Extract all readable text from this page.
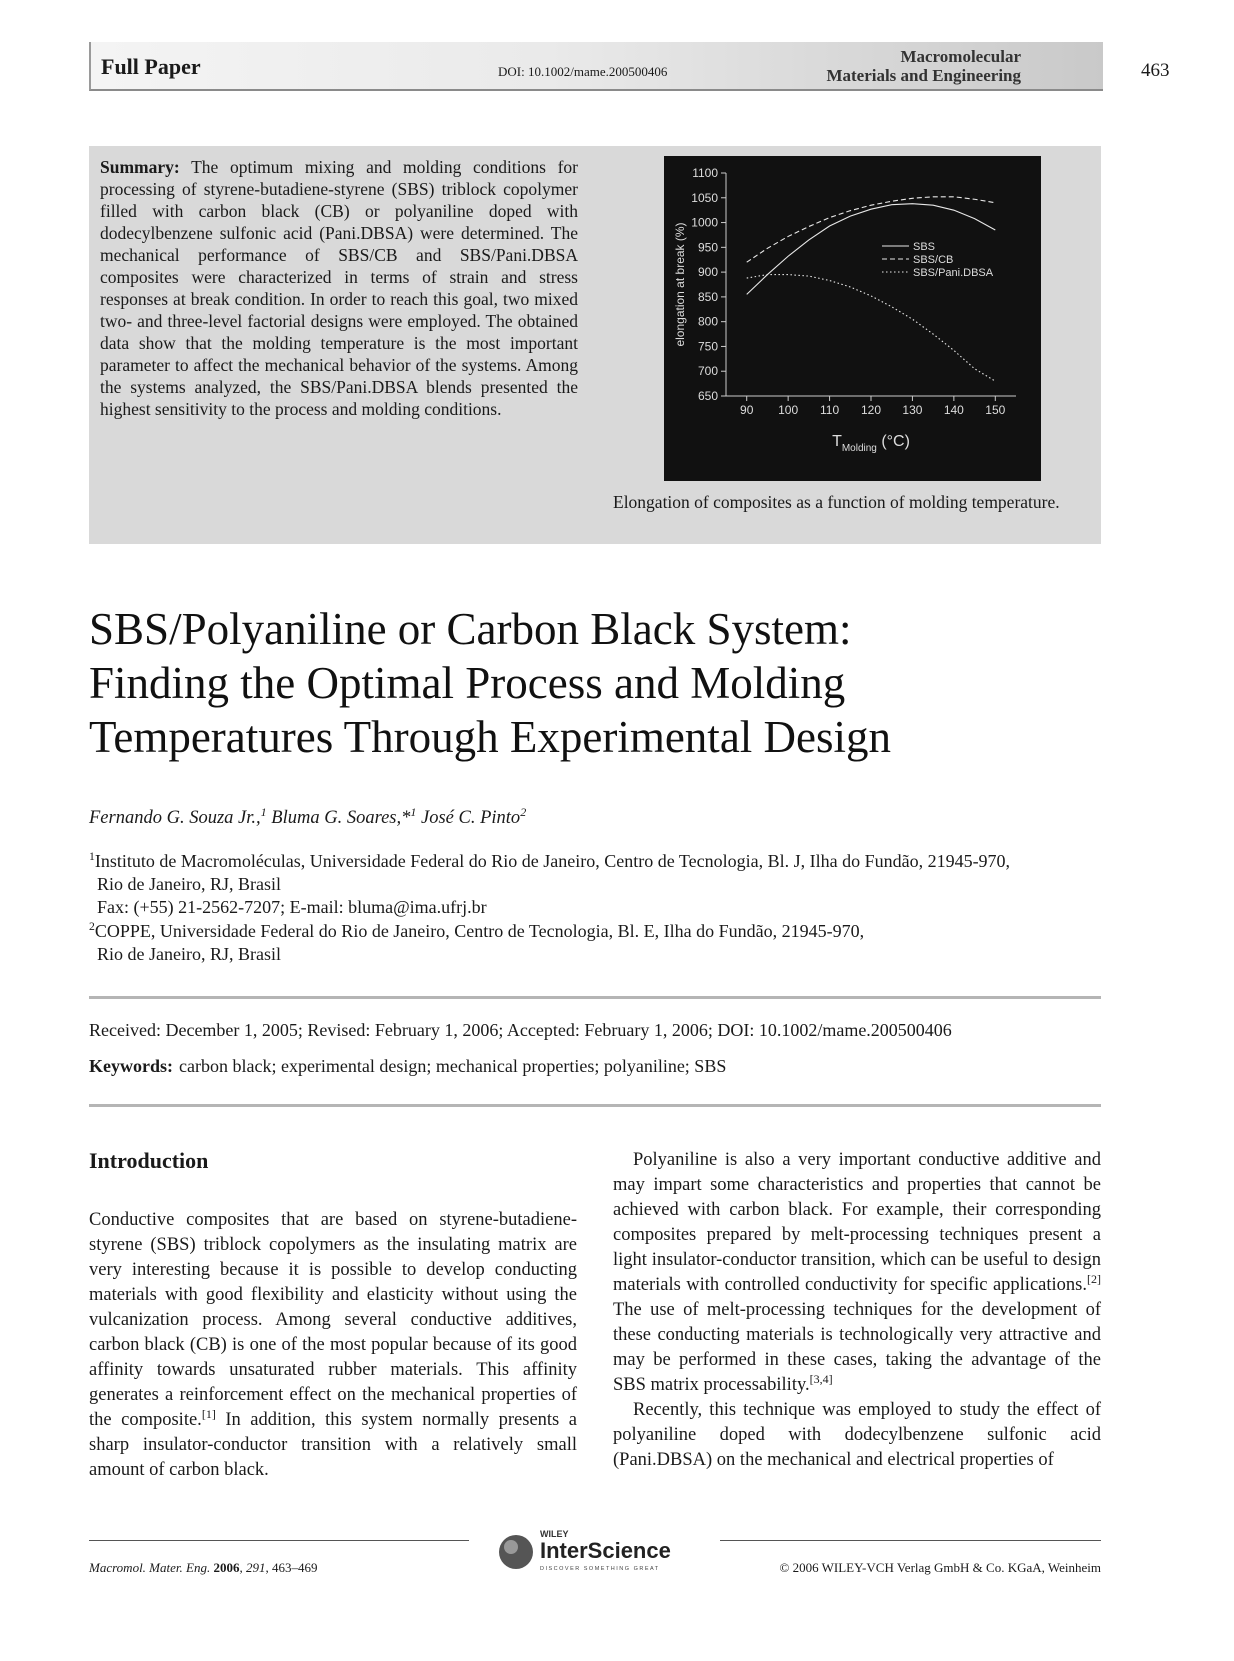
Full Paper	DOI: 10.1002/mame.200500406
Macromolecular
Materials and Engineering	463
Summary: The optimum mixing and molding conditions for processing of styrene-butadiene-styrene (SBS) triblock copolymer filled with carbon black (CB) or polyaniline doped with dodecylbenzene sulfonic acid (Pani.DBSA) were determined. The mechanical performance of SBS/CB and SBS/Pani.DBSA composites were characterized in terms of strain and stress responses at break condition. In order to reach this goal, two mixed two- and three-level factorial designs were employed. The obtained data show that the molding temperature is the most important parameter to affect the mechanical behavior of the systems. Among the systems analyzed, the SBS/Pani.DBSA blends presented the highest sensitivity to the process and molding conditions.
650
700
750
800
850
900
950
1000
1050
1100
90 100 110 120 130 140 150
SBS
SBS/CB
SBS/Pani.DBSA
elongation at break (%)
$T_{Molding}$ (°C)
Elongation of composites as a function of molding temperature.
SBS/Polyaniline or Carbon Black System:
Finding the Optimal Process and Molding
Temperatures Through Experimental Design
Fernando G. Souza Jr.,$^1$ Bluma G. Soares,*$^1$ José C. Pinto$^2$
$^1$Instituto de Macromoléculas, Universidade Federal do Rio de Janeiro, Centro de Tecnologia, Bl. J, Ilha do Fundão, 21945-970,
Rio de Janeiro, RJ, Brasil
Fax: (+55) 21-2562-7207; E-mail: bluma@ima.ufrj.br
$^2$COPPE, Universidade Federal do Rio de Janeiro, Centro de Tecnologia, Bl. E, Ilha do Fundão, 21945-970,
Rio de Janeiro, RJ, Brasil
Received: December 1, 2005; Revised: February 1, 2006; Accepted: February 1, 2006; DOI: 10.1002/mame.200500406
Keywords: carbon black; experimental design; mechanical properties; polyaniline; SBS
Introduction

Conductive composites that are based on styrene-butadiene-styrene (SBS) triblock copolymers as the insulating matrix are very interesting because it is possible to develop conducting materials with good flexibility and elasticity without using the vulcanization process. Among several conductive additives, carbon black (CB) is one of the most popular because of its good affinity towards unsaturated rubber materials. This affinity generates a reinforcement effect on the mechanical properties of the composite.[1] In addition, this system normally presents a sharp insulator-conductor transition with a relatively small amount of carbon black.

Polyaniline is also a very important conductive additive and may impart some characteristics and properties that cannot be achieved with carbon black. For example, their corresponding composites prepared by melt-processing techniques present a light insulator-conductor transition, which can be useful to design materials with controlled conductivity for specific applications.[2] The use of melt-processing techniques for the development of these conducting materials is technologically very attractive and may be performed in these cases, taking the advantage of the SBS matrix processability.[3,4]

Recently, this technique was employed to study the effect of polyaniline doped with dodecylbenzene sulfonic acid (Pani.DBSA) on the mechanical and electrical properties of

WILEY
InterScience
DISCOVER SOMETHING GREAT
Macromol. Mater. Eng. 2006, 291, 463–469	© 2006 WILEY-VCH Verlag GmbH & Co. KGaA, Weinheim
